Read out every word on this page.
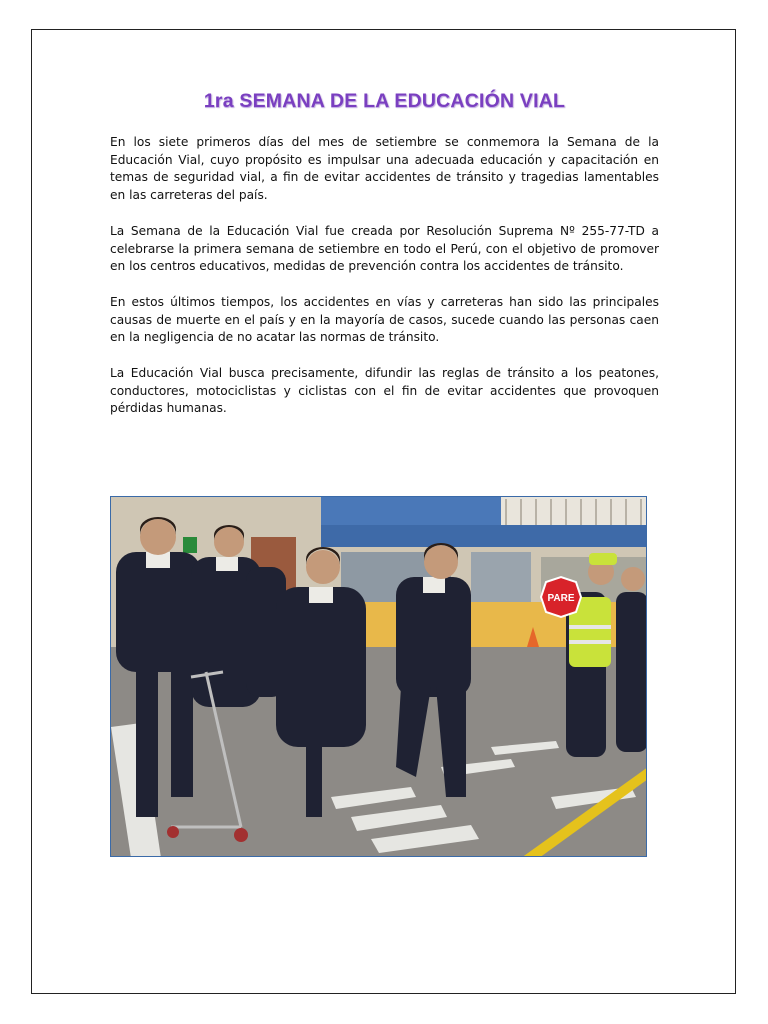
1ra SEMANA DE LA EDUCACIÓN VIAL

En los siete primeros días del mes de setiembre se conmemora la Semana de la Educación Vial, cuyo propósito es impulsar una adecuada educación y capacitación en temas de seguridad vial, a fin de evitar accidentes de tránsito y tragedias lamentables en las carreteras del país.

La Semana de la Educación Vial fue creada por Resolución Suprema Nº 255-77-TD a celebrarse la primera semana de setiembre en todo el Perú, con el objetivo de promover en los centros educativos, medidas de prevención contra los accidentes de tránsito.

En estos últimos tiempos, los accidentes en vías y carreteras han sido las principales causas de muerte en el país y en la mayoría de casos, sucede cuando las personas caen en la negligencia de no acatar las normas de tránsito.

La Educación Vial busca precisamente, difundir las reglas de tránsito a los peatones, conductores, motociclistas y ciclistas con el fin de evitar accidentes que provoquen pérdidas humanas.

PARE
